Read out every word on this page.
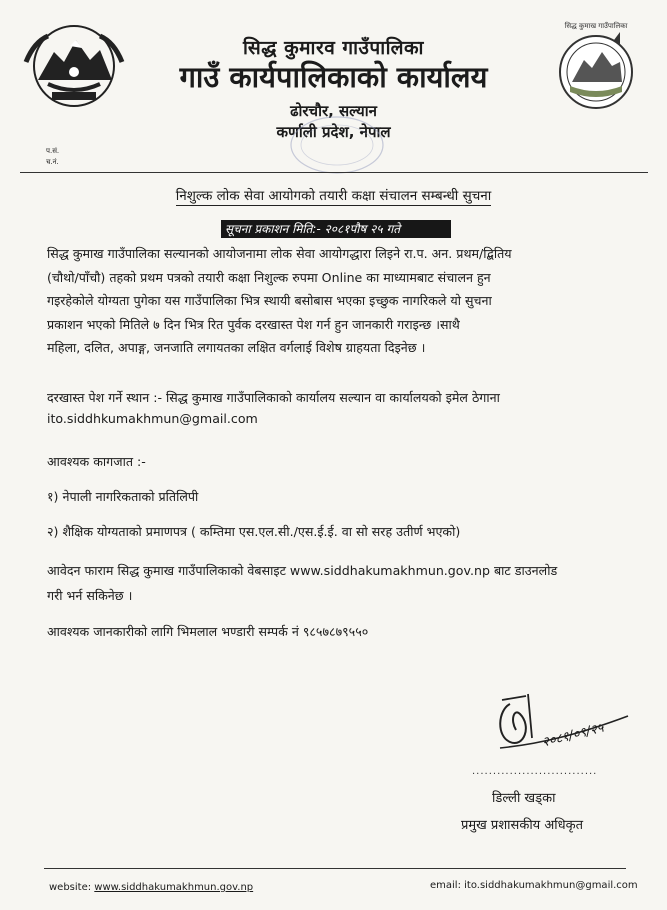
सिद्ध कुमाख गाउँपालिका
सिद्ध कुमारव गाउँपालिका
गाउँ कार्यपालिकाको कार्यालय
ढोरचौर, सल्यान
कर्णाली प्रदेश, नेपाल
प.सं.
च.नं.
निशुल्क लोक सेवा आयोगको तयारी कक्षा संचालन सम्बन्धी सुचना
सूचना प्रकाशन मिति:- २०८१पौष २५ गते
सिद्ध कुमाख गाउँपालिका सल्यानको आयोजनामा लोक सेवा आयोगद्धारा लिइने रा.प. अन. प्रथम/द्बितिय
(चौथो/पाँचौ) तहको प्रथम पत्रको तयारी कक्षा निशुल्क रुपमा Online का माध्यामबाट संचालन हुन
गइरहेकोले योग्यता पुगेका यस गाउँपालिका भित्र स्थायी बसोबास भएका इच्छुक नागरिकले यो सुचना
प्रकाशन भएको मितिले ७ दिन भित्र रित पुर्वक दरखास्त पेश गर्न हुन जानकारी गराइन्छ ।साथै
महिला, दलित, अपाङ्ग, जनजाति लगायतका लक्षित वर्गलाई विशेष ग्राहयता दिइनेछ ।
दरखास्त पेश गर्ने स्थान :- सिद्ध कुमाख गाउँपालिकाको कार्यालय सल्यान वा कार्यालयको इमेल ठेगाना
ito.siddhkumakhmun@gmail.com
आवश्यक कागजात :-
१) नेपाली नागरिकताको प्रतिलिपी
२) शैक्षिक योग्यताको प्रमाणपत्र ( कम्तिमा एस.एल.सी./एस.ई.ई. वा सो सरह उतीर्ण भएको)
आवेदन फाराम सिद्ध कुमाख गाउँपालिकाको वेबसाइट www.siddhakumakhmun.gov.np बाट डाउनलोड
गरी भर्न सकिनेछ ।
आवश्यक जानकारीको लागि भिमलाल भण्डारी सम्पर्क नं ९८५७८७९५५०
२०८१/०९/२५
..............................
डिल्ली खड्का
प्रमुख प्रशासकीय अधिकृत
website: www.siddhakumakhmun.gov.np	email: ito.siddhakumakhmun@gmail.com
